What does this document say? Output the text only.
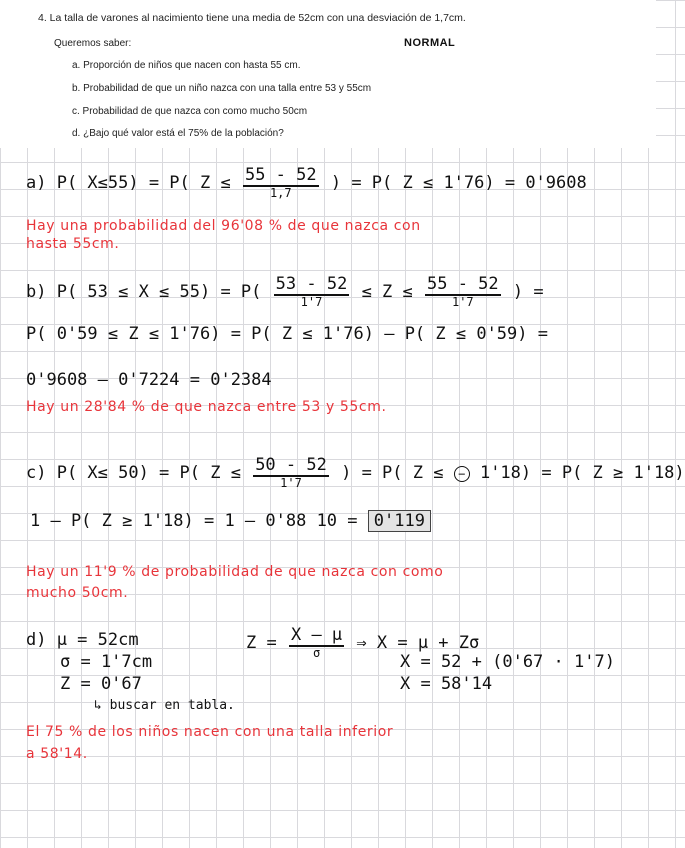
4. La talla de varones al nacimiento tiene una media de 52cm con una desviación de 1,7cm.
Queremos saber:	NORMAL
a. Proporción de niños que nacen con hasta 55 cm.
b. Probabilidad de que un niño nazca con una talla entre 53 y 55cm
c. Probabilidad de que nazca con como mucho 50cm
d. ¿Bajo qué valor está el 75% de la población?
a) P( X≤55) = P( $Z \le \frac{55 - 52}{1,7}$ ) = P( Z ≤ 1'76) = 0'9608
Hay una probabilidad del 96'08 % de que nazca con
hasta 55cm.
b) P( $53 \le X \le 55) = P( \frac{53 - 52}{1'7} \le Z \le \frac{55 - 52}{1'7}$ ) =
P( 0'59 ≤ Z ≤ 1'76) = P( Z ≤ 1'76) – P( Z ≤ 0'59) =
0'9608 – 0'7224 = 0'2384
Hay un 28'84 % de que nazca entre 53 y 55cm.
c) P( X≤ 50) = P( $Z \le \frac{50 - 52}{1'7}$ ) = P( Z ≤ − 1'18) = P( Z ≥ 1'18)
1 – P( Z ≥ 1'18) = 1 – 0'88 10 = 0'119
Hay un 11'9 % de probabilidad de que nazca con como
mucho 50cm.
d) μ = 52cm
σ = 1'7cm
Z = 0'67
$Z = \frac{X - \mu}{\sigma}$ ⇒ X = μ + Zσ
X = 52 + (0'67 · 1'7)
X = 58'14
↳ buscar en tabla.
El 75 % de los niños nacen con una talla inferior
a 58'14.
